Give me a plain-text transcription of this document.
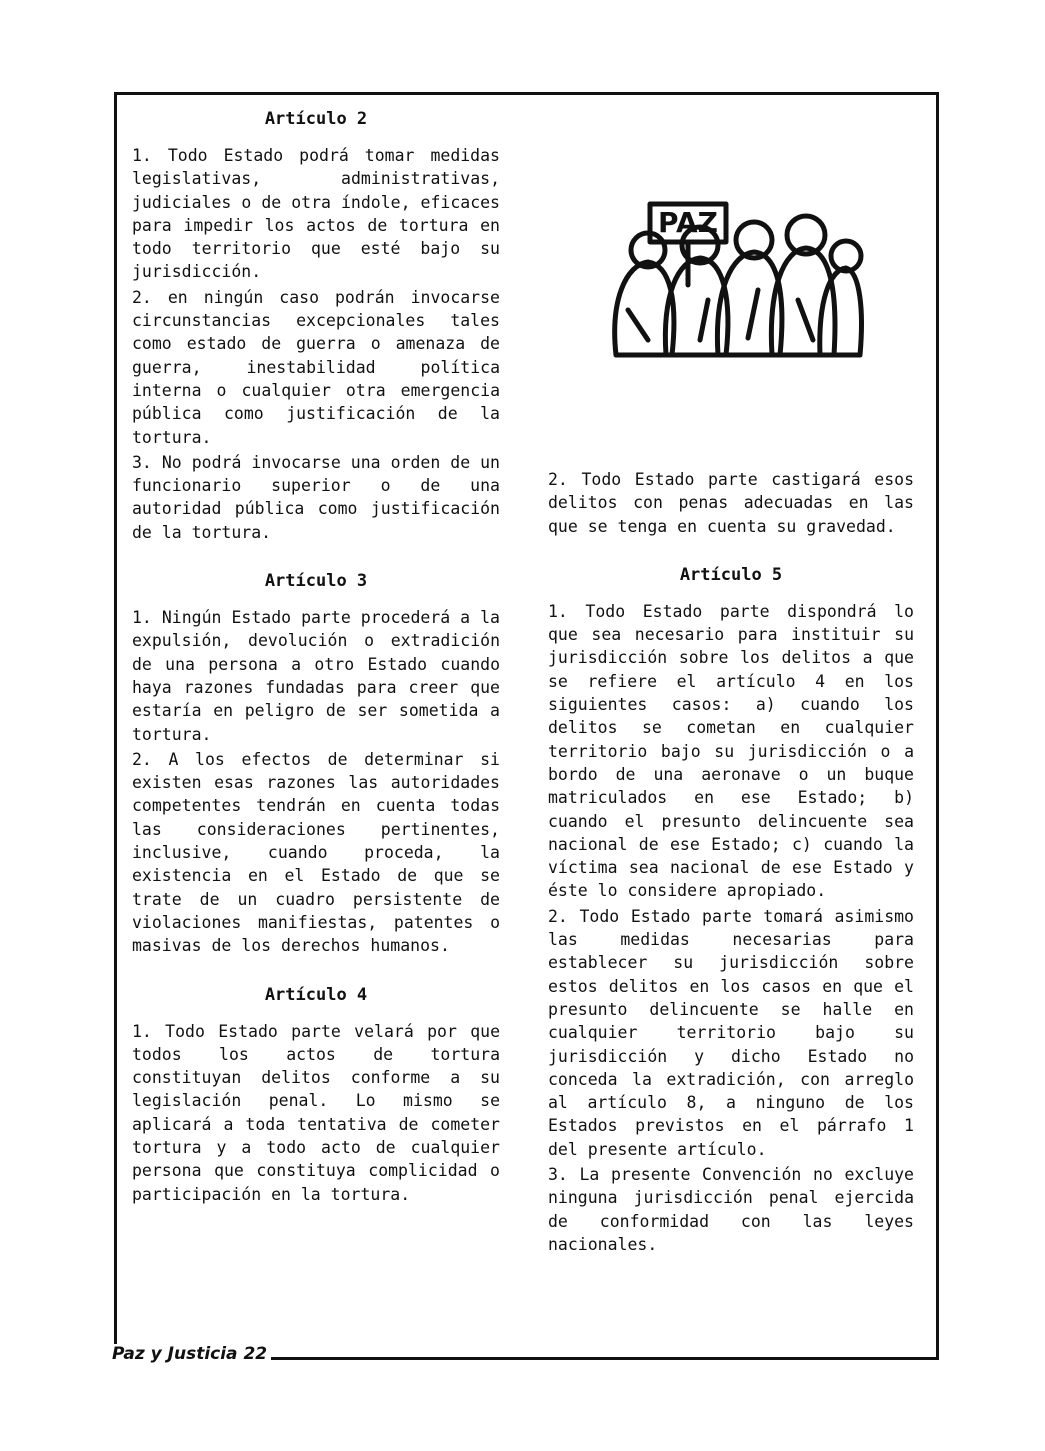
Artículo 2

1. Todo Estado podrá tomar medidas legislativas, administrativas, judiciales o de otra índole, eficaces para impedir los actos de tortura en todo territorio que esté bajo su jurisdicción.

2. en ningún caso podrán invocarse circunstancias excepcionales tales como estado de guerra o amenaza de guerra, inestabilidad política interna o cualquier otra emergencia pública como justificación de la tortura.

3. No podrá invocarse una orden de un funcionario superior o de una autoridad pública como justificación de la tortura.

Artículo 3

1. Ningún Estado parte procederá a la expulsión, devolución o extradición de una persona a otro Estado cuando haya razones fundadas para creer que estaría en peligro de ser sometida a tortura.

2. A los efectos de determinar si existen esas razones las autoridades competentes tendrán en cuenta todas las consideraciones pertinentes, inclusive, cuando proceda, la existencia en el Estado de que se trate de un cuadro persistente de violaciones manifiestas, patentes o masivas de los derechos humanos.

Artículo 4

1. Todo Estado parte velará por que todos los actos de tortura constituyan delitos conforme a su legislación penal. Lo mismo se aplicará a toda tentativa de cometer tortura y a todo acto de cualquier persona que constituya complicidad o participación en la tortura.

PAZ

2. Todo Estado parte castigará esos delitos con penas adecuadas en las que se tenga en cuenta su gravedad.

Artículo 5

1. Todo Estado parte dispondrá lo que sea necesario para instituir su jurisdicción sobre los delitos a que se refiere el artículo 4 en los siguientes casos: a) cuando los delitos se cometan en cualquier territorio bajo su jurisdicción o a bordo de una aeronave o un buque matriculados en ese Estado; b) cuando el presunto delincuente sea nacional de ese Estado; c) cuando la víctima sea nacional de ese Estado y éste lo considere apropiado.

2. Todo Estado parte tomará asimismo las medidas necesarias para establecer su jurisdicción sobre estos delitos en los casos en que el presunto delincuente se halle en cualquier territorio bajo su jurisdicción y dicho Estado no conceda la extradición, con arreglo al artículo 8, a ninguno de los Estados previstos en el párrafo 1 del presente artículo.

3. La presente Convención no excluye ninguna jurisdicción penal ejercida de conformidad con las leyes nacionales.

Paz y Justicia 22
